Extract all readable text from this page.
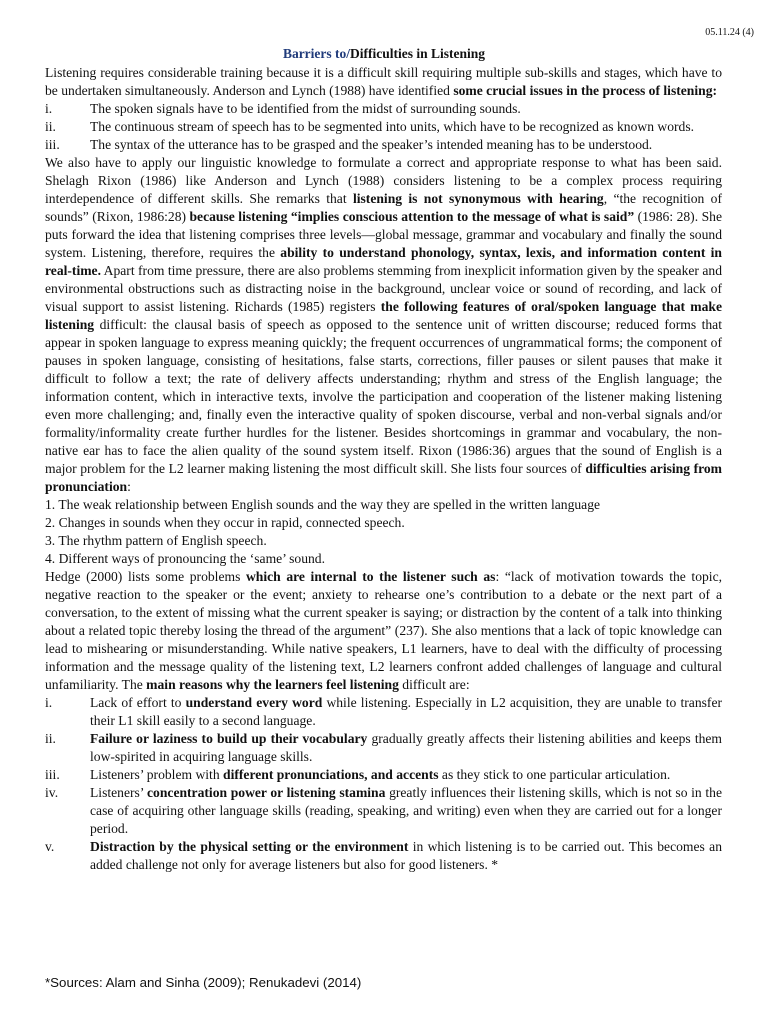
05.11.24 (4)
Barriers to/Difficulties in Listening

Listening requires considerable training because it is a difficult skill requiring multiple sub-skills and stages, which have to be undertaken simultaneously. Anderson and Lynch (1988) have identified some crucial issues in the process of listening:

i.	The spoken signals have to be identified from the midst of surrounding sounds.
ii.	The continuous stream of speech has to be segmented into units, which have to be recognized as known words.
iii.	The syntax of the utterance has to be grasped and the speaker’s intended meaning has to be understood.

We also have to apply our linguistic knowledge to formulate a correct and appropriate response to what has been said. Shelagh Rixon (1986) like Anderson and Lynch (1988) considers listening to be a complex process requiring interdependence of different skills. She remarks that listening is not synonymous with hearing, “the recognition of sounds” (Rixon, 1986:28) because listening “implies conscious attention to the message of what is said” (1986: 28). She puts forward the idea that listening comprises three levels—global message, grammar and vocabulary and finally the sound system. Listening, therefore, requires the ability to understand phonology, syntax, lexis, and information content in real-time. Apart from time pressure, there are also problems stemming from inexplicit information given by the speaker and environmental obstructions such as distracting noise in the background, unclear voice or sound of recording, and lack of visual support to assist listening. Richards (1985) registers the following features of oral/spoken language that make listening difficult: the clausal basis of speech as opposed to the sentence unit of written discourse; reduced forms that appear in spoken language to express meaning quickly; the frequent occurrences of ungrammatical forms; the component of pauses in spoken language, consisting of hesitations, false starts, corrections, filler pauses or silent pauses that make it difficult to follow a text; the rate of delivery affects understanding; rhythm and stress of the English language; the information content, which in interactive texts, involve the participation and cooperation of the listener making listening even more challenging; and, finally even the interactive quality of spoken discourse, verbal and non-verbal signals and/or formality/informality create further hurdles for the listener. Besides shortcomings in grammar and vocabulary, the non-native ear has to face the alien quality of the sound system itself. Rixon (1986:36) argues that the sound of English is a major problem for the L2 learner making listening the most difficult skill. She lists four sources of difficulties arising from pronunciation:

1. The weak relationship between English sounds and the way they are spelled in the written language
2. Changes in sounds when they occur in rapid, connected speech.
3. The rhythm pattern of English speech.
4. Different ways of pronouncing the ‘same’ sound.

Hedge (2000) lists some problems which are internal to the listener such as: “lack of motivation towards the topic, negative reaction to the speaker or the event; anxiety to rehearse one’s contribution to a debate or the next part of a conversation, to the extent of missing what the current speaker is saying; or distraction by the content of a talk into thinking about a related topic thereby losing the thread of the argument” (237). She also mentions that a lack of topic knowledge can lead to mishearing or misunderstanding. While native speakers, L1 learners, have to deal with the difficulty of processing information and the message quality of the listening text, L2 learners confront added challenges of language and cultural unfamiliarity. The main reasons why the learners feel listening difficult are:

i.	Lack of effort to understand every word while listening. Especially in L2 acquisition, they are unable to transfer their L1 skill easily to a second language.
ii.	Failure or laziness to build up their vocabulary gradually greatly affects their listening abilities and keeps them low-spirited in acquiring language skills.
iii.	Listeners’ problem with different pronunciations, and accents as they stick to one particular articulation.
iv.	Listeners’ concentration power or listening stamina greatly influences their listening skills, which is not so in the case of acquiring other language skills (reading, speaking, and writing) even when they are carried out for a longer period.
v.	Distraction by the physical setting or the environment in which listening is to be carried out. This becomes an added challenge not only for average listeners but also for good listeners. *
*Sources: Alam and Sinha (2009); Renukadevi (2014)
